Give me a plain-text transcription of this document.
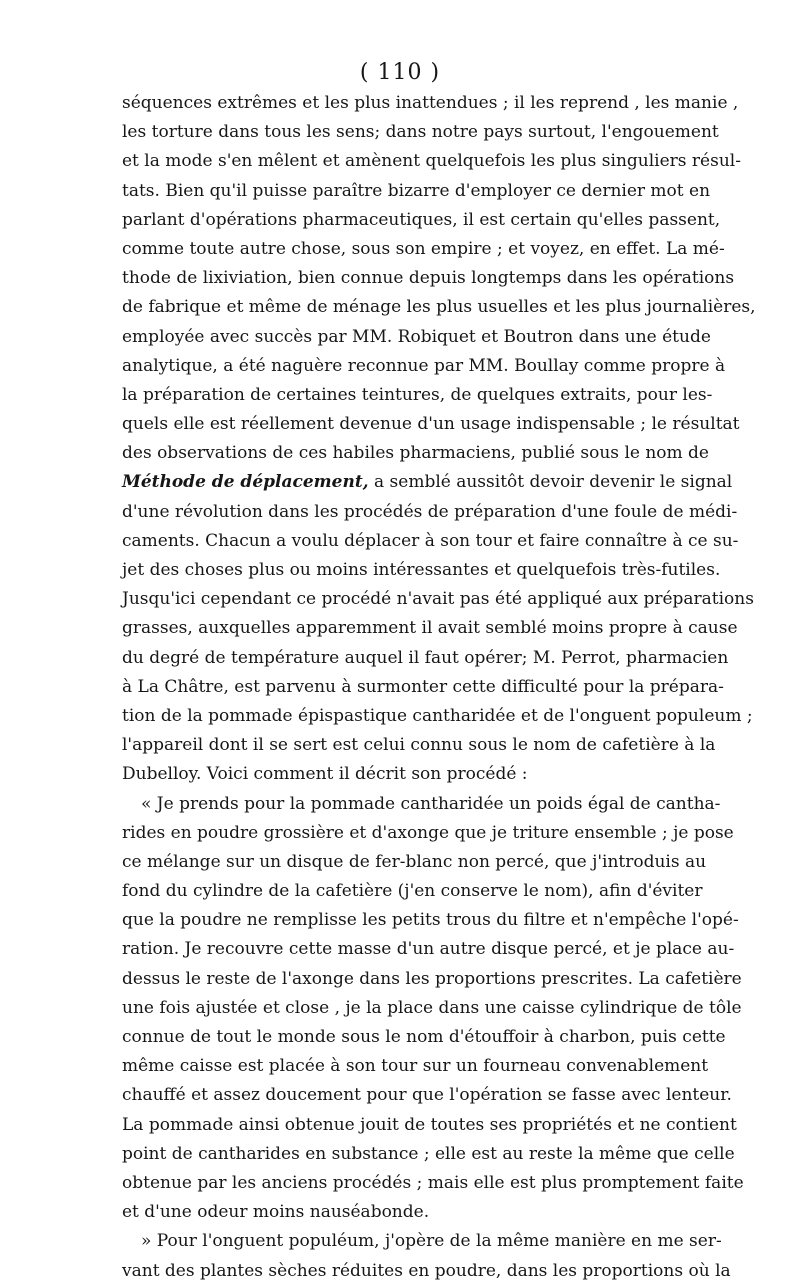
( 110 )
séquences extrêmes et les plus inattendues ; il les reprend , les manie ,
les torture dans tous les sens; dans notre pays surtout, l'engouement
et la mode s'en mêlent et amènent quelquefois les plus singuliers résul-
tats. Bien qu'il puisse paraître bizarre d'employer ce dernier mot en
parlant d'opérations pharmaceutiques, il est certain qu'elles passent,
comme toute autre chose, sous son empire ; et voyez, en effet. La mé-
thode de lixiviation, bien connue depuis longtemps dans les opérations
de fabrique et même de ménage les plus usuelles et les plus journalières,
employée avec succès par MM. Robiquet et Boutron dans une étude
analytique, a été naguère reconnue par MM. Boullay comme propre à
la préparation de certaines teintures, de quelques extraits, pour les-
quels elle est réellement devenue d'un usage indispensable ; le résultat
des observations de ces habiles pharmaciens, publié sous le nom de
Méthode de déplacement, a semblé aussitôt devoir devenir le signal
d'une révolution dans les procédés de préparation d'une foule de médi-
caments. Chacun a voulu déplacer à son tour et faire connaître à ce su-
jet des choses plus ou moins intéressantes et quelquefois très-futiles.
Jusqu'ici cependant ce procédé n'avait pas été appliqué aux préparations
grasses, auxquelles apparemment il avait semblé moins propre à cause
du degré de température auquel il faut opérer; M. Perrot, pharmacien
à La Châtre, est parvenu à surmonter cette difficulté pour la prépara-
tion de la pommade épispastique cantharidée et de l'onguent populeum ;
l'appareil dont il se sert est celui connu sous le nom de cafetière à la
Dubelloy. Voici comment il décrit son procédé :
« Je prends pour la pommade cantharidée un poids égal de cantha-
rides en poudre grossière et d'axonge que je triture ensemble ; je pose
ce mélange sur un disque de fer-blanc non percé, que j'introduis au
fond du cylindre de la cafetière (j'en conserve le nom), afin d'éviter
que la poudre ne remplisse les petits trous du filtre et n'empêche l'opé-
ration. Je recouvre cette masse d'un autre disque percé, et je place au-
dessus le reste de l'axonge dans les proportions prescrites. La cafetière
une fois ajustée et close , je la place dans une caisse cylindrique de tôle
connue de tout le monde sous le nom d'étouffoir à charbon, puis cette
même caisse est placée à son tour sur un fourneau convenablement
chauffé et assez doucement pour que l'opération se fasse avec lenteur.
La pommade ainsi obtenue jouit de toutes ses propriétés et ne contient
point de cantharides en substance ; elle est au reste la même que celle
obtenue par les anciens procédés ; mais elle est plus promptement faite
et d'une odeur moins nauséabonde.
» Pour l'onguent populéum, j'opère de la même manière en me ser-
vant des plantes sèches réduites en poudre, dans les proportions où la
